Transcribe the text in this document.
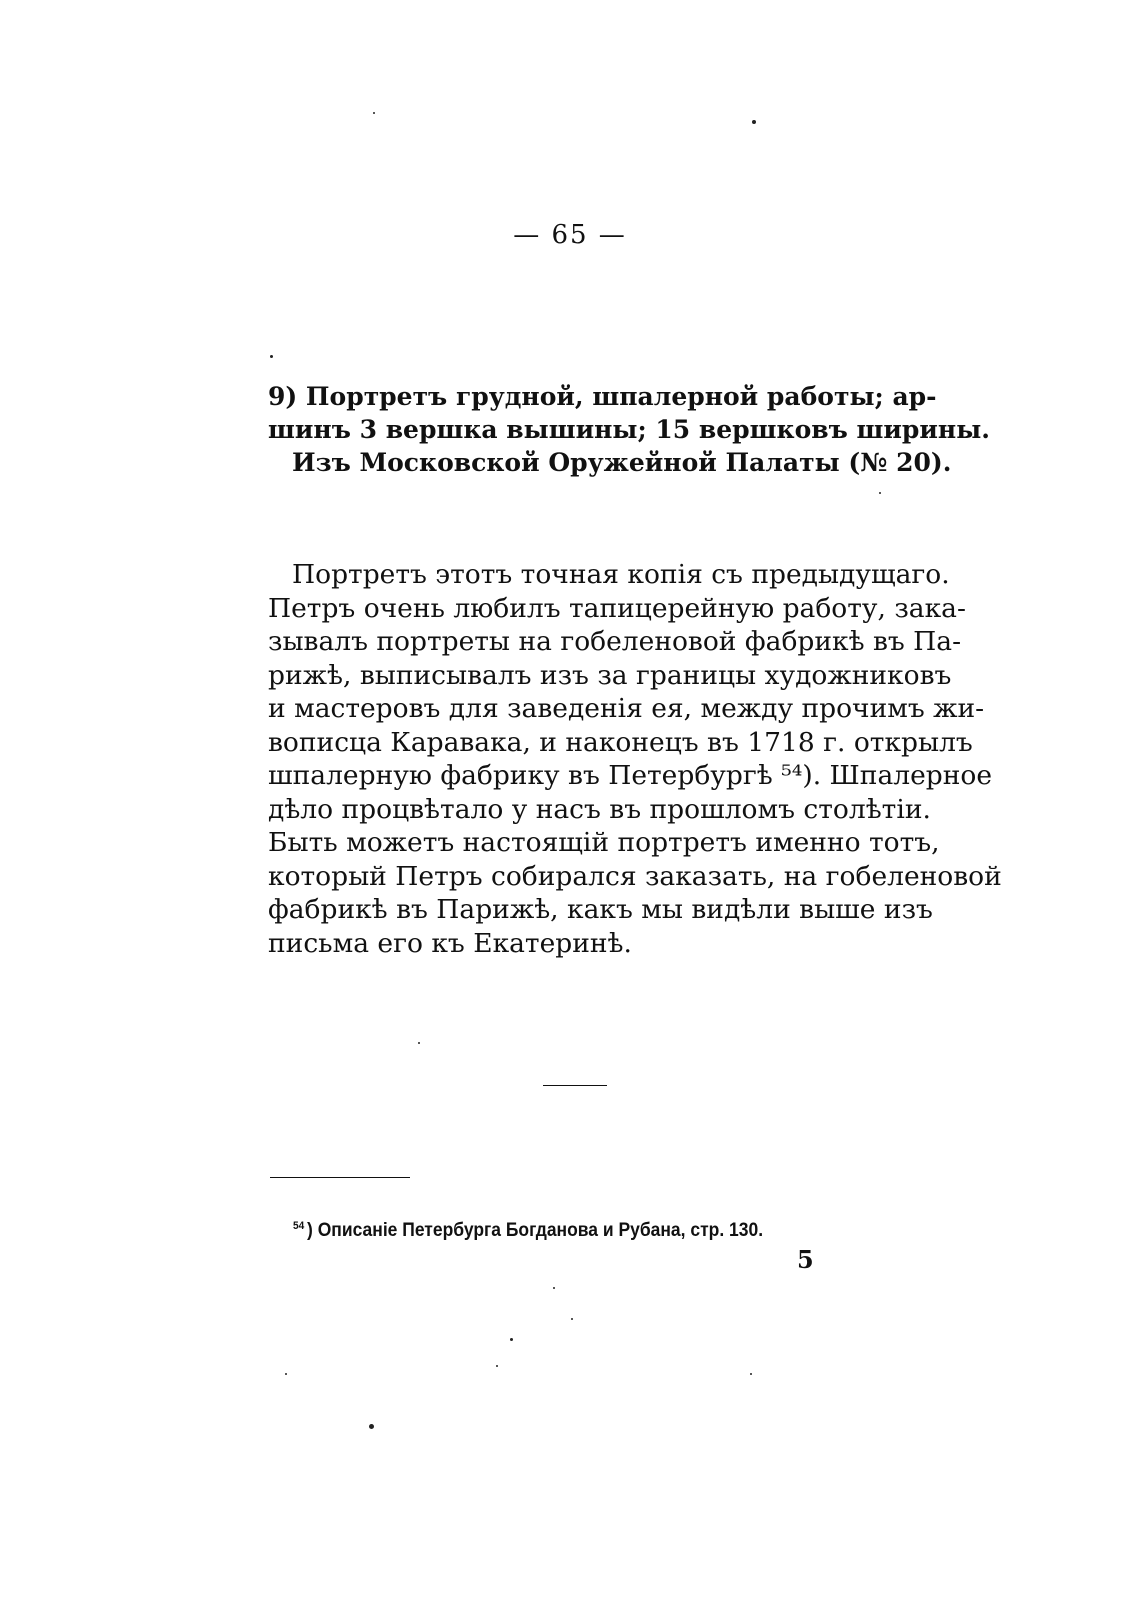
— 65 —
9) Портретъ грудной, шпалерной работы; ар-
шинъ 3 вершка вышины; 15 вершковъ ширины.
Изъ Московской Оружейной Палаты (№ 20).
Портретъ этотъ точная копія съ предыдущаго.
Петръ очень любилъ тапицерейную работу, зака-
зывалъ портреты на гобеленовой фабрикѣ въ Па-
рижѣ, выписывалъ изъ за границы художниковъ
и мастеровъ для заведенія ея, между прочимъ жи-
вописца Каравака, и наконецъ въ 1718 г. открылъ
шпалерную фабрику въ Петербургѣ ⁵⁴). Шпалерное
дѣло процвѣтало у насъ въ прошломъ столѣтіи.
Быть можетъ настоящій портретъ именно тотъ,
который Петръ собирался заказать, на гобеленовой
фабрикѣ въ Парижѣ, какъ мы видѣли выше изъ
письма его къ Екатеринѣ.
$^{54}$ ) Описаніе Петербурга Богданова и Рубана, стр. 130.
5
